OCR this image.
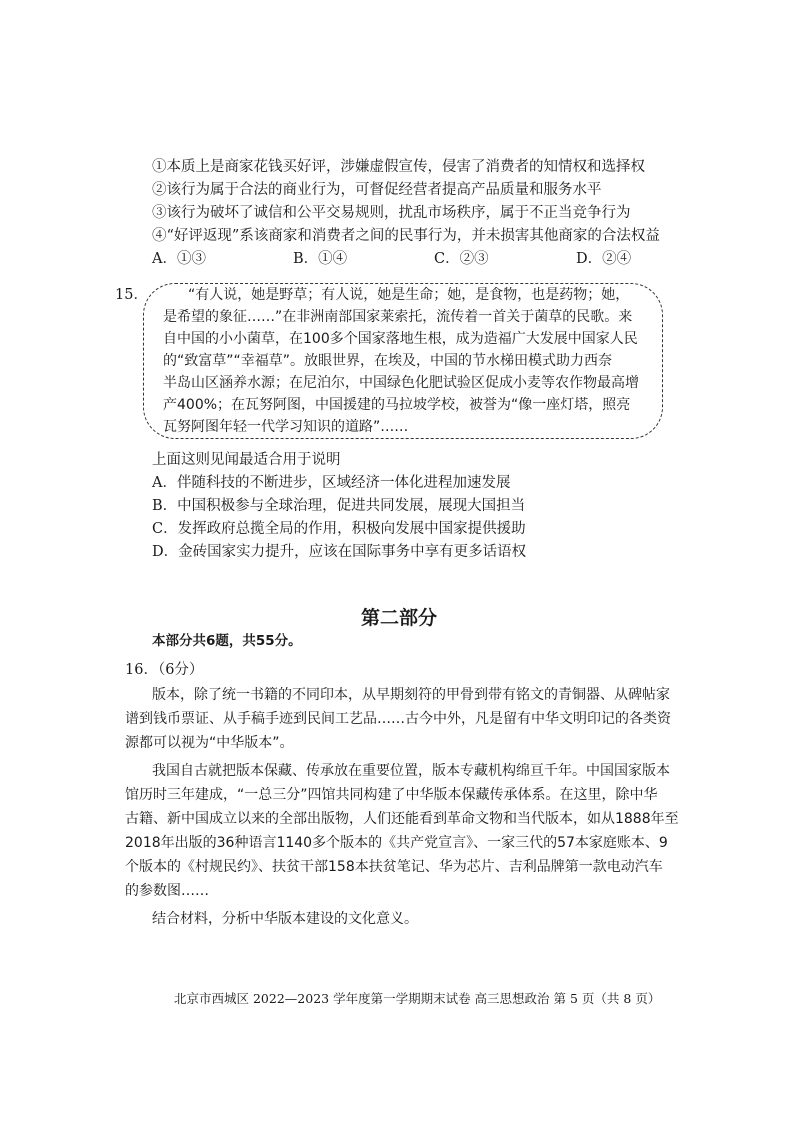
①本质上是商家花钱买好评，涉嫌虚假宣传，侵害了消费者的知情权和选择权
②该行为属于合法的商业行为，可督促经营者提高产品质量和服务水平
③该行为破坏了诚信和公平交易规则，扰乱市场秩序，属于不正当竞争行为
④“好评返现”系该商家和消费者之间的民事行为，并未损害其他商家的合法权益
A．①③	B．①④	C．②③	D．②④
15．	“有人说，她是野草；有人说，她是生命；她，是食物，也是药物；她，
是希望的象征……”在非洲南部国家莱索托，流传着一首关于菌草的民歌。来
自中国的小小菌草，在100多个国家落地生根，成为造福广大发展中国家人民
的“致富草”“幸福草”。放眼世界，在埃及，中国的节水梯田模式助力西奈
半岛山区涵养水源；在尼泊尔，中国绿色化肥试验区促成小麦等农作物最高增
产400%；在瓦努阿图，中国援建的马拉坡学校，被誉为“像一座灯塔，照亮
瓦努阿图年轻一代学习知识的道路”……
上面这则见闻最适合用于说明
A．伴随科技的不断进步，区域经济一体化进程加速发展
B．中国积极参与全球治理，促进共同发展，展现大国担当
C．发挥政府总揽全局的作用，积极向发展中国家提供援助
D．金砖国家实力提升，应该在国际事务中享有更多话语权
第二部分
本部分共6题，共55分。
16．（6分）
版本，除了统一书籍的不同印本，从早期刻符的甲骨到带有铭文的青铜器、从碑帖家
谱到钱币票证、从手稿手迹到民间工艺品……古今中外，凡是留有中华文明印记的各类资
源都可以视为“中华版本”。
我国自古就把版本保藏、传承放在重要位置，版本专藏机构绵亘千年。中国国家版本
馆历时三年建成，“一总三分”四馆共同构建了中华版本保藏传承体系。在这里，除中华
古籍、新中国成立以来的全部出版物，人们还能看到革命文物和当代版本，如从1888年至
2018年出版的36种语言1140多个版本的《共产党宣言》、一家三代的57本家庭账本、9
个版本的《村规民约》、扶贫干部158本扶贫笔记、华为芯片、吉利品牌第一款电动汽车
的参数图……
结合材料，分析中华版本建设的文化意义。
北京市西城区 2022—2023 学年度第一学期期末试卷 高三思想政治 第 5 页（共 8 页）
